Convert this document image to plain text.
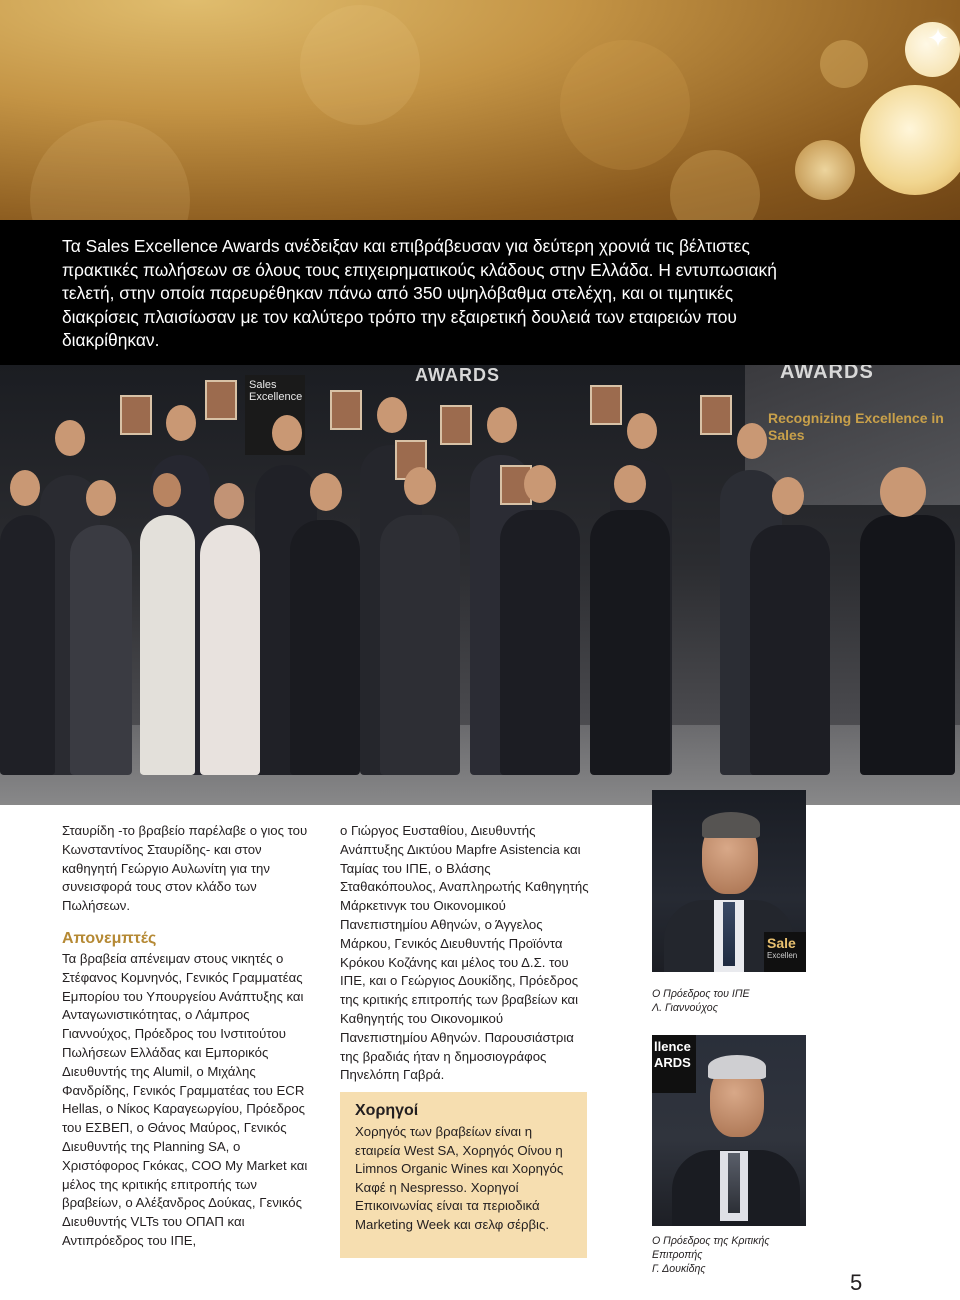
✦

Τα Sales Excellence Awards ανέδειξαν και επιβράβευσαν για δεύτερη χρονιά τις βέλτιστες πρακτικές πωλήσεων σε όλους τους επιχειρηματικούς κλάδους στην Ελλάδα. Η εντυπωσιακή τελετή, στην οποία παρευρέθηκαν πάνω από 350 υψηλόβαθμα στελέχη, και οι τιμητικές διακρίσεις πλαισίωσαν με τον καλύτερο τρόπο την εξαιρετική δουλειά των εταιρειών που διακρίθηκαν.

AWARDS
AWARDS
Recognizing Excellence in Sales
Sales Excellence

Σταυρίδη -το βραβείο παρέλαβε ο γιος του Κωνσταντίνος Σταυρίδης- και στον καθηγητή Γεώργιο Αυλωνίτη για την συνεισφορά τους στον κλάδο των Πωλήσεων.

Απονεμπτές

Τα βραβεία απένειμαν στους νικητές ο Στέφανος Κομνηνός, Γενικός Γραμματέας Εμπορίου του Υπουργείου Ανάπτυξης και Ανταγωνιστικότητας, ο Λάμπρος Γιαννούχος, Πρόεδρος του Ινστιτούτου Πωλήσεων Ελλάδας και Εμπορικός Διευθυντής της Alumil, ο Μιχάλης Φανδρίδης, Γενικός Γραμματέας του ECR Hellas, ο Νίκος Καραγεωργίου, Πρόεδρος του ΕΣΒΕΠ, ο Θάνος Μαύρος, Γενικός Διευθυντής της Planning SA, ο Χριστόφορος Γκόκας, COO My Market και μέλος της κριτικής επιτροπής των βραβείων, ο Αλέξανδρος Δούκας, Γενικός Διευθυντής VLTs του ΟΠΑΠ και Αντιπρόεδρος του ΙΠΕ,

ο Γιώργος Ευσταθίου, Διευθυντής Ανάπτυξης Δικτύου Mapfre Asistencia και Ταμίας του ΙΠΕ, ο Βλάσης Σταθακόπουλος, Αναπληρωτής Καθηγητής Μάρκετινγκ του Οικονομικού Πανεπιστημίου Αθηνών, ο Άγγελος Μάρκου, Γενικός Διευθυντής Προϊόντα Κρόκου Κοζάνης και μέλος του Δ.Σ. του ΙΠΕ, και ο Γεώργιος Δουκίδης, Πρόεδρος της κριτικής επιτροπής των βραβείων και Καθηγητής του Οικονομικού Πανεπιστημίου Αθηνών. Παρουσιάστρια της βραδιάς ήταν η δημοσιογράφος Πηνελόπη Γαβρά.

Χορηγοί

Χορηγός των βραβείων είναι η εταιρεία West SA, Χορηγός Οίνου η Limnos Organic Wines και Χορηγός Καφέ η Nespresso. Χορηγοί Επικοινωνίας είναι τα περιοδικά Marketing Week και σελφ σέρβις.

Sale
Excellen

Ο Πρόεδρος του ΙΠΕ
Λ. Γιαννούχος

llence
ARDS

Ο Πρόεδρος της Κριτικής Επιτροπής
Γ. Δουκίδης

5
